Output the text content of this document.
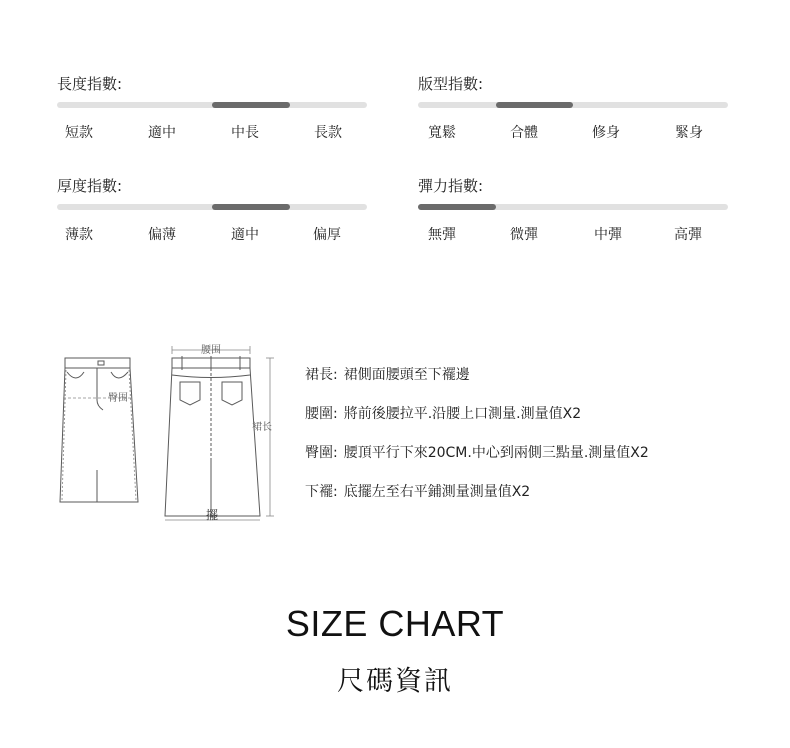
長度指數:
短款	適中	中長	長款
版型指數:
寬鬆	合體	修身	緊身
厚度指數:
薄款	偏薄	適中	偏厚
彈力指數:
無彈	微彈	中彈	高彈
腰围
臀围
裙长
擺
裙長: 裙側面腰頭至下襬邊
腰圍: 將前後腰拉平.沿腰上口測量.測量值X2
臀圍: 腰頂平行下來20CM.中心到兩側三點量.測量值X2
下襬: 底擺左至右平鋪測量測量值X2
SIZE CHART
尺碼資訊
